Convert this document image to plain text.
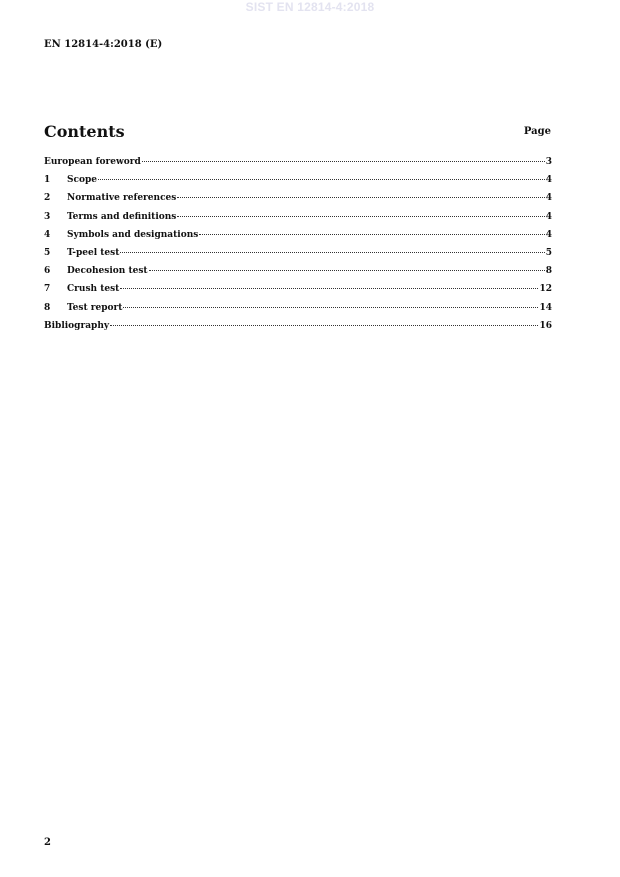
SIST EN 12814-4:2018
EN 12814-4:2018 (E)
Contents	Page
European foreword	3
1	Scope	4
2	Normative references	4
3	Terms and definitions	4
4	Symbols and designations	4
5	T-peel test	5
6	Decohesion test	8
7	Crush test	12
8	Test report	14
Bibliography	16
2
